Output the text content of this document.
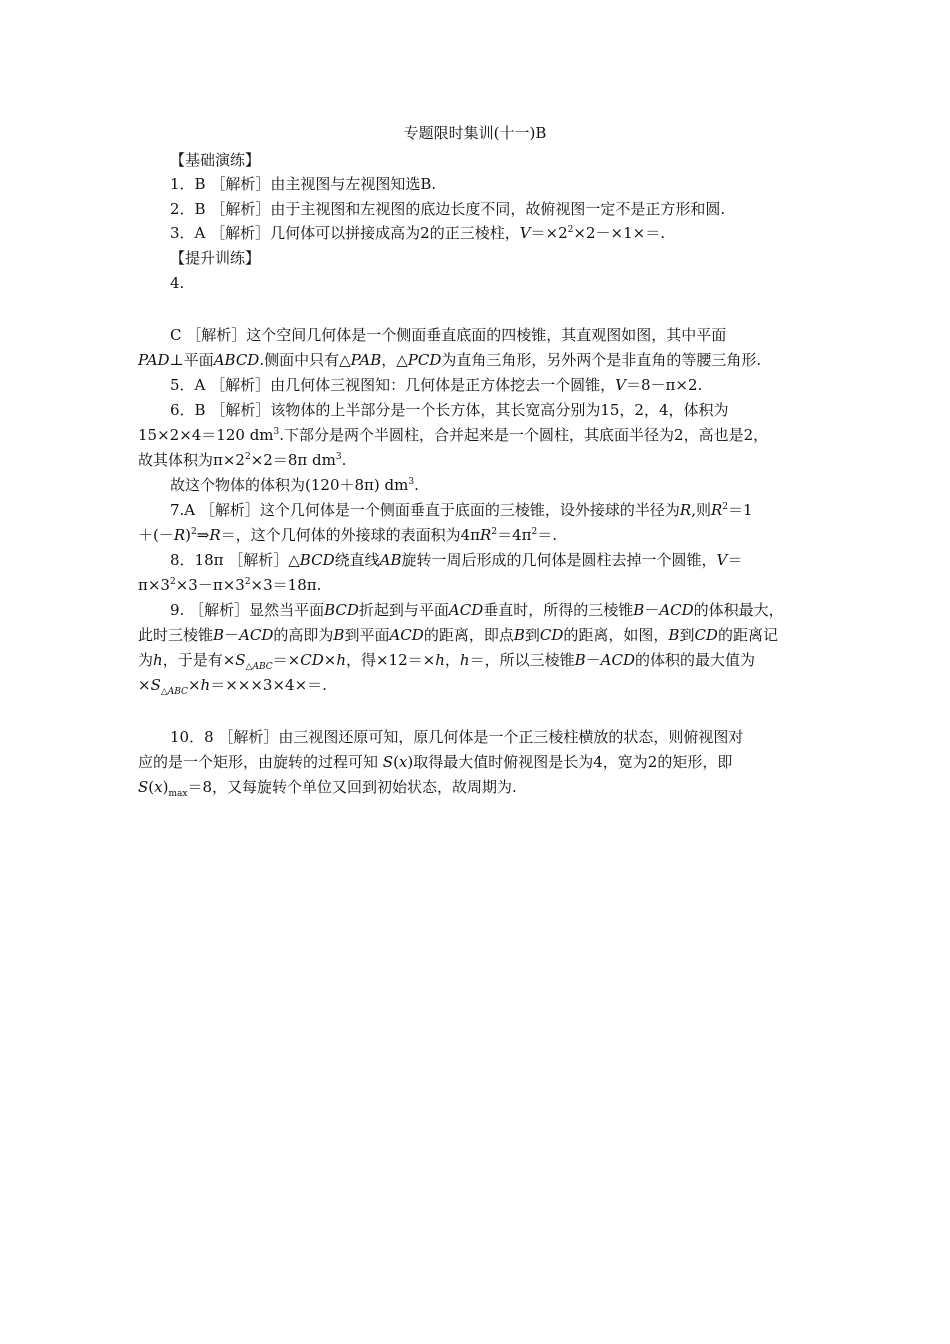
专题限时集训(十一)B
【基础演练】
1．B ［解析］由主视图与左视图知选B.
2．B ［解析］由于主视图和左视图的底边长度不同，故俯视图一定不是正方形和圆.
3．A ［解析］几何体可以拼接成高为2的正三棱柱，$V=\times 2^2\times 2-\times 1\times=$.
【提升训练】
4.
C ［解析］这个空间几何体是一个侧面垂直底面的四棱锥，其直观图如图，其中平面
PAD⊥平面ABCD.侧面中只有△PAB，△PCD为直角三角形，另外两个是非直角的等腰三角形.
5．A ［解析］由几何体三视图知：几何体是正方体挖去一个圆锥，V＝8－π×2.
6．B ［解析］该物体的上半部分是一个长方体，其长宽高分别为15，2，4，体积为
15×2×4＝120 $dm^3$.下部分是两个半圆柱，合并起来是一个圆柱，其底面半径为2，高也是2，
故其体积为$\pi\times 2^2\times 2=8\pi$ $dm^3$.
故这个物体的体积为(120＋8π) $dm^3$.
7.A ［解析］这个几何体是一个侧面垂直于底面的三棱锥，设外接球的半径为R,则$R^2=1$
$+(-R)^2\Rightarrow R=$，这个几何体的外接球的表面积为$4\pi R^2=4\pi^2=$.
8．18π ［解析］△BCD绕直线AB旋转一周后形成的几何体是圆柱去掉一个圆锥，V＝
$\pi\times 3^2\times 3-\pi\times 3^2\times 3=18\pi$.
9. ［解析］显然当平面BCD折起到与平面ACD垂直时，所得的三棱锥B－ACD的体积最大，
此时三棱锥B－ACD的高即为B到平面ACD的距离，即点B到CD的距离，如图，B到CD的距离记
为h，于是有$\times S_{\triangle ABC}=\times CD\times h$，得×12＝×h，h＝，所以三棱锥B－ACD的体积的最大值为
$\times S_{\triangle ABC}\times h=\times\times\times 3\times 4\times=$.
10．8 ［解析］由三视图还原可知，原几何体是一个正三棱柱横放的状态，则俯视图对
应的是一个矩形，由旋转的过程可知 S(x)取得最大值时俯视图是长为4，宽为2的矩形，即
$S(x)_{max}=8$，又每旋转个单位又回到初始状态，故周期为.
